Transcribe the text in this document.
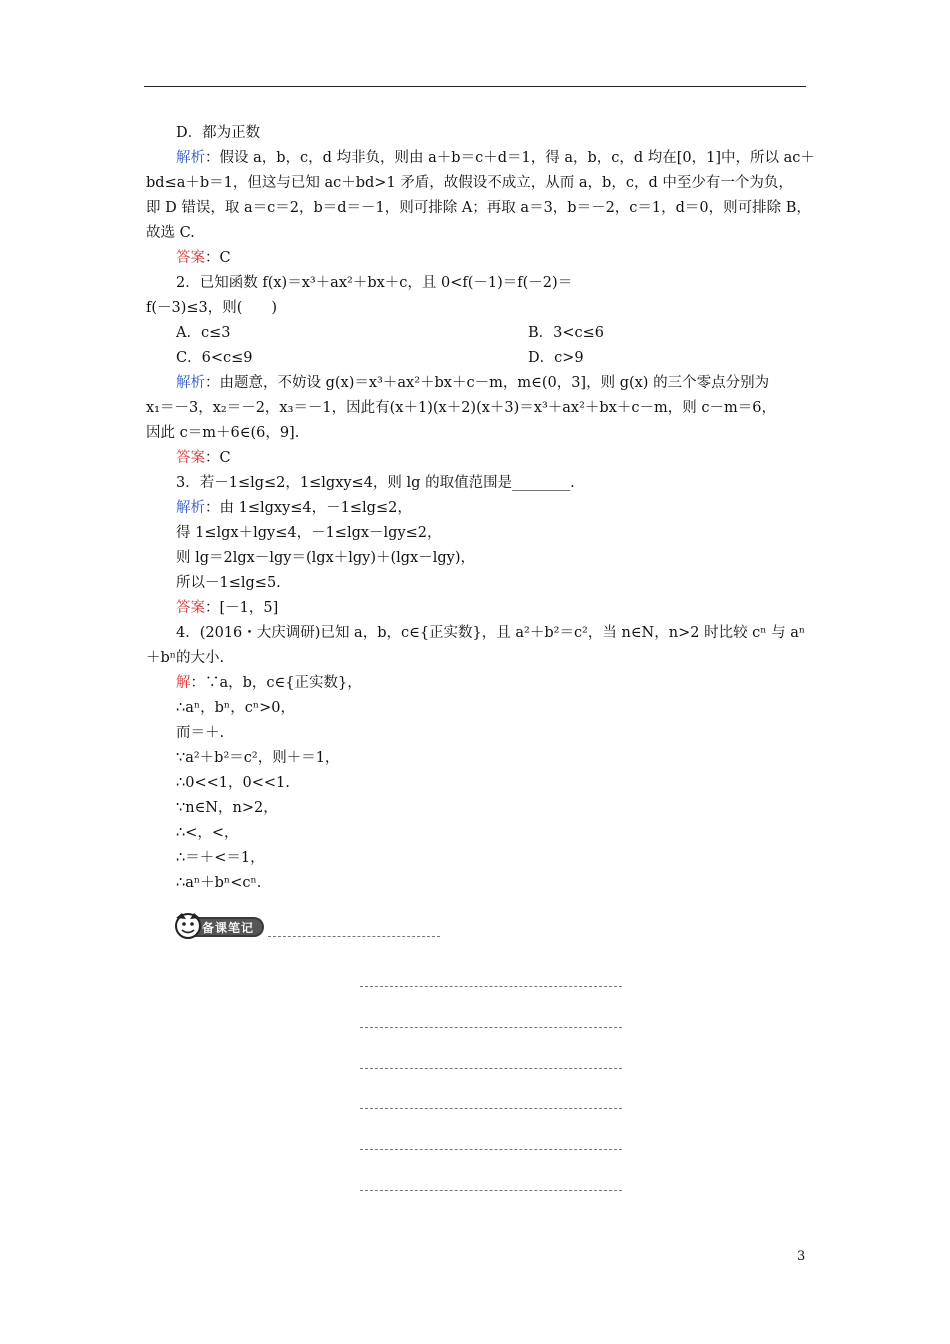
D．都为正数
解析：假设 a，b，c，d 均非负，则由 a＋b＝c＋d＝1，得 a，b，c，d 均在[0，1]中，所以 ac＋
bd≤a＋b＝1，但这与已知 ac＋bd>1 矛盾，故假设不成立，从而 a，b，c，d 中至少有一个为负，
即 D 错误，取 a＝c＝2，b＝d＝－1，则可排除 A；再取 a＝3，b＝－2，c＝1，d＝0，则可排除 B，
故选 C.
答案：C
2．已知函数 f(x)＝x³＋ax²＋bx＋c，且 0<f(－1)＝f(－2)＝
f(－3)≤3，则(　　)
A．c≤3	B．3<c≤6
C．6<c≤9	D．c>9
解析：由题意，不妨设 g(x)＝x³＋ax²＋bx＋c－m，m∈(0，3]，则 g(x) 的三个零点分别为
x₁＝－3，x₂＝－2，x₃＝－1，因此有(x＋1)(x＋2)(x＋3)＝x³＋ax²＋bx＋c－m，则 c－m＝6，
因此 c＝m＋6∈(6，9].
答案：C
3．若－1≤lg≤2，1≤lgxy≤4，则 lg 的取值范围是________.
解析：由 1≤lgxy≤4，－1≤lg≤2，
得 1≤lgx＋lgy≤4，－1≤lgx－lgy≤2，
则 lg＝2lgx－lgy＝(lgx＋lgy)＋(lgx－lgy)，
所以－1≤lg≤5.
答案：[－1，5]
4．(2016・大庆调研)已知 a，b，c∈{正实数}，且 a²＋b²＝c²，当 n∈N，n>2 时比较 cⁿ 与 aⁿ
＋bⁿ的大小.
解：∵a，b，c∈{正实数}，
∴aⁿ，bⁿ，cⁿ>0，
而＝＋.
∵a²＋b²＝c²，则＋＝1，
∴0<<1，0<<1.
∵n∈N，n>2，
∴<，<，
∴＝＋<＝1，
∴aⁿ＋bⁿ<cⁿ.
备课笔记
3
